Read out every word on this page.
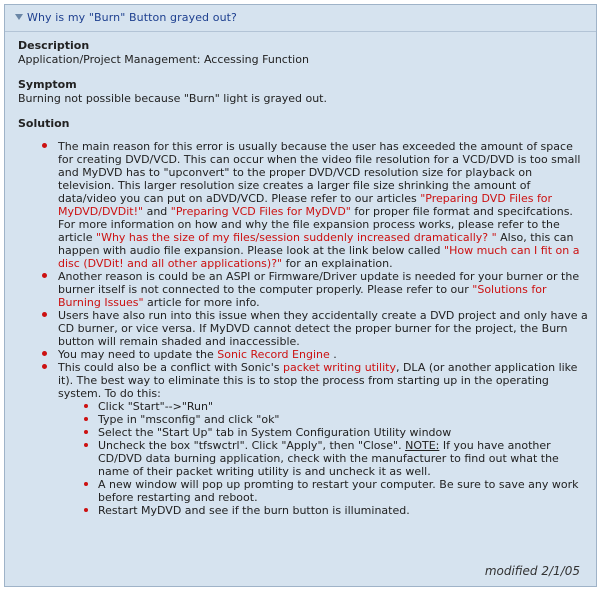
Why is my "Burn" Button grayed out?
Description
Application/Project Management: Accessing Function
Symptom
Burning not possible because "Burn" light is grayed out.
Solution
The main reason for this error is usually because the user has exceeded the amount of space for creating DVD/VCD. This can occur when the video file resolution for a VCD/DVD is too small and MyDVD has to "upconvert" to the proper DVD/VCD resolution size for playback on television. This larger resolution size creates a larger file size shrinking the amount of data/video you can put on aDVD/VCD. Please refer to our articles "Preparing DVD Files for MyDVD/DVDit!" and "Preparing VCD Files for MyDVD" for proper file format and specifcations. For more information on how and why the file expansion process works, please refer to the article "Why has the size of my files/session suddenly increased dramatically? " Also, this can happen with audio file expansion. Please look at the link below called "How much can I fit on a disc (DVDit! and all other applications)?" for an explaination.
Another reason is could be an ASPI or Firmware/Driver update is needed for your burner or the burner itself is not connected to the computer properly. Please refer to our "Solutions for Burning Issues" article for more info.
Users have also run into this issue when they accidentally create a DVD project and only have a CD burner, or vice versa. If MyDVD cannot detect the proper burner for the project, the Burn button will remain shaded and inaccessible.
You may need to update the Sonic Record Engine .
This could also be a conflict with Sonic's packet writing utility, DLA (or another application like it). The best way to eliminate this is to stop the process from starting up in the operating system. To do this:
Click "Start"-->"Run"
Type in "msconfig" and click "ok"
Select the "Start Up" tab in System Configuration Utility window
Uncheck the box "tfswctrl". Click "Apply", then "Close". NOTE: If you have another CD/DVD data burning application, check with the manufacturer to find out what the name of their packet writing utility is and uncheck it as well.
A new window will pop up promting to restart your computer. Be sure to save any work before restarting and reboot.
Restart MyDVD and see if the burn button is illuminated.
modified 2/1/05
